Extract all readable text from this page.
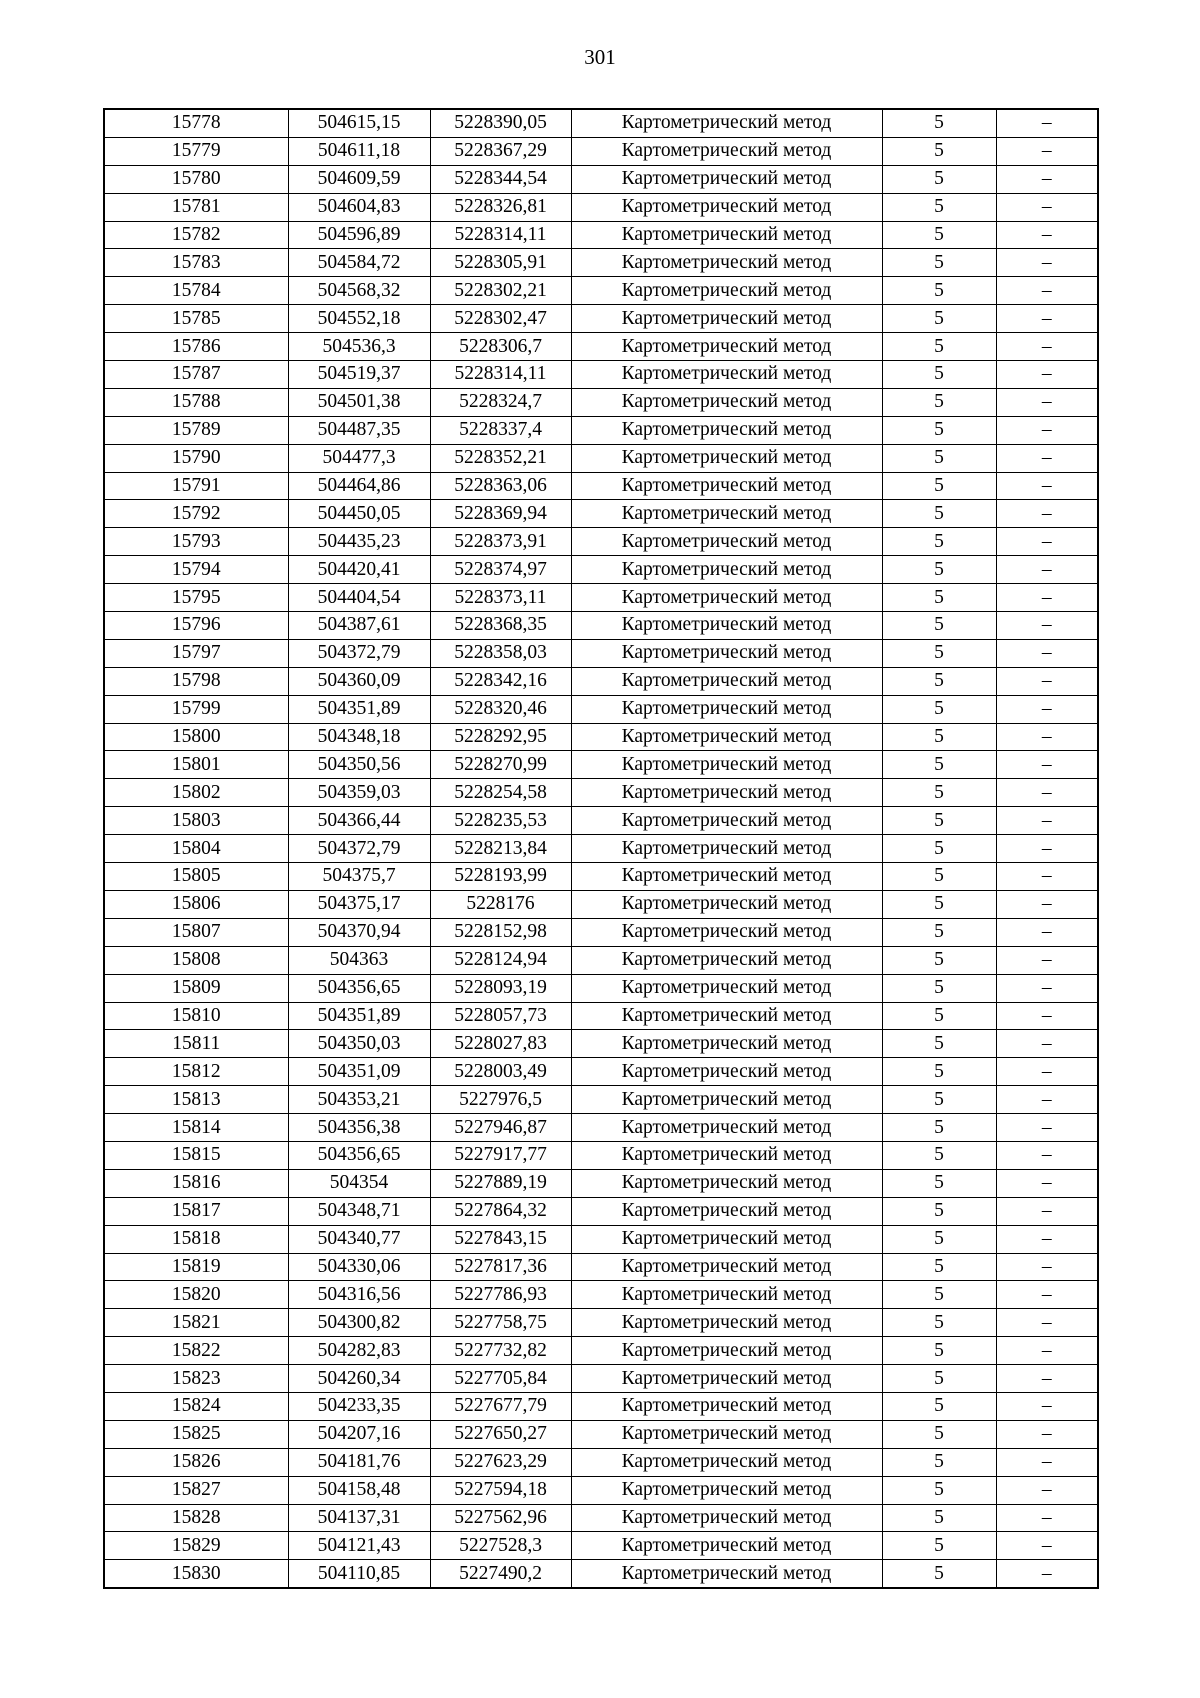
301
15778	504615,15	5228390,05	Картометрический метод	5	–
15779	504611,18	5228367,29	Картометрический метод	5	–
15780	504609,59	5228344,54	Картометрический метод	5	–
15781	504604,83	5228326,81	Картометрический метод	5	–
15782	504596,89	5228314,11	Картометрический метод	5	–
15783	504584,72	5228305,91	Картометрический метод	5	–
15784	504568,32	5228302,21	Картометрический метод	5	–
15785	504552,18	5228302,47	Картометрический метод	5	–
15786	504536,3	5228306,7	Картометрический метод	5	–
15787	504519,37	5228314,11	Картометрический метод	5	–
15788	504501,38	5228324,7	Картометрический метод	5	–
15789	504487,35	5228337,4	Картометрический метод	5	–
15790	504477,3	5228352,21	Картометрический метод	5	–
15791	504464,86	5228363,06	Картометрический метод	5	–
15792	504450,05	5228369,94	Картометрический метод	5	–
15793	504435,23	5228373,91	Картометрический метод	5	–
15794	504420,41	5228374,97	Картометрический метод	5	–
15795	504404,54	5228373,11	Картометрический метод	5	–
15796	504387,61	5228368,35	Картометрический метод	5	–
15797	504372,79	5228358,03	Картометрический метод	5	–
15798	504360,09	5228342,16	Картометрический метод	5	–
15799	504351,89	5228320,46	Картометрический метод	5	–
15800	504348,18	5228292,95	Картометрический метод	5	–
15801	504350,56	5228270,99	Картометрический метод	5	–
15802	504359,03	5228254,58	Картометрический метод	5	–
15803	504366,44	5228235,53	Картометрический метод	5	–
15804	504372,79	5228213,84	Картометрический метод	5	–
15805	504375,7	5228193,99	Картометрический метод	5	–
15806	504375,17	5228176	Картометрический метод	5	–
15807	504370,94	5228152,98	Картометрический метод	5	–
15808	504363	5228124,94	Картометрический метод	5	–
15809	504356,65	5228093,19	Картометрический метод	5	–
15810	504351,89	5228057,73	Картометрический метод	5	–
15811	504350,03	5228027,83	Картометрический метод	5	–
15812	504351,09	5228003,49	Картометрический метод	5	–
15813	504353,21	5227976,5	Картометрический метод	5	–
15814	504356,38	5227946,87	Картометрический метод	5	–
15815	504356,65	5227917,77	Картометрический метод	5	–
15816	504354	5227889,19	Картометрический метод	5	–
15817	504348,71	5227864,32	Картометрический метод	5	–
15818	504340,77	5227843,15	Картометрический метод	5	–
15819	504330,06	5227817,36	Картометрический метод	5	–
15820	504316,56	5227786,93	Картометрический метод	5	–
15821	504300,82	5227758,75	Картометрический метод	5	–
15822	504282,83	5227732,82	Картометрический метод	5	–
15823	504260,34	5227705,84	Картометрический метод	5	–
15824	504233,35	5227677,79	Картометрический метод	5	–
15825	504207,16	5227650,27	Картометрический метод	5	–
15826	504181,76	5227623,29	Картометрический метод	5	–
15827	504158,48	5227594,18	Картометрический метод	5	–
15828	504137,31	5227562,96	Картометрический метод	5	–
15829	504121,43	5227528,3	Картометрический метод	5	–
15830	504110,85	5227490,2	Картометрический метод	5	–
